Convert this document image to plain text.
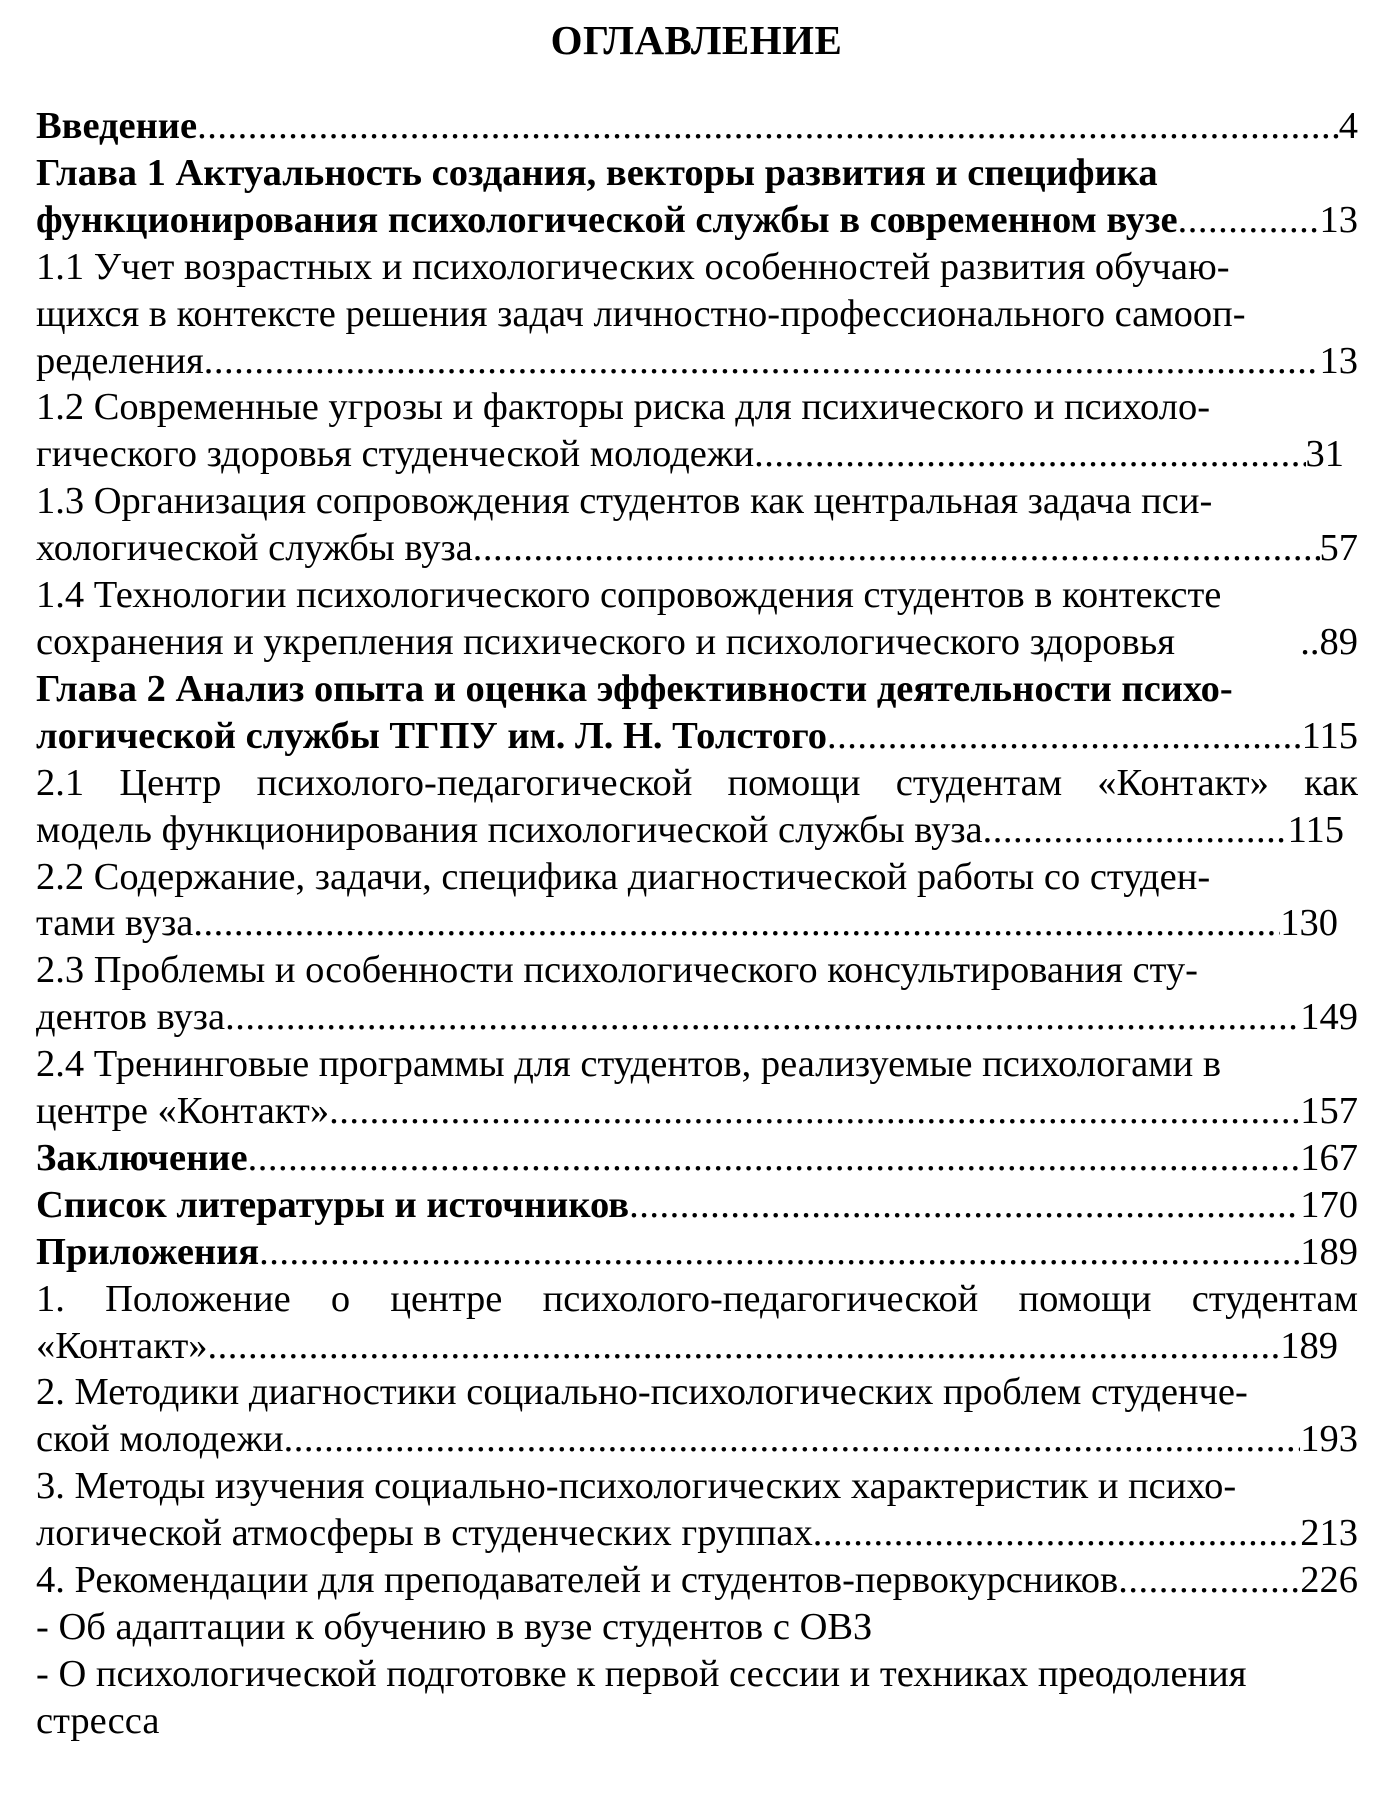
ОГЛАВЛЕНИЕ
Введение .....	4
Глава 1 Актуальность создания, векторы развития и специфика
функционирования психологической службы в современном вузе .....	13
1.1 Учет возрастных и психологических особенностей развития обучаю-
щихся в контексте решения задач личностно-профессионального самооп-
ределения .....	13
1.2 Современные угрозы и факторы риска для психического и психоло-
гического здоровья студенческой молодежи .....	31
1.3 Организация сопровождения студентов как центральная задача пси-
хологической службы вуза .....	57
1.4 Технологии психологического сопровождения студентов в контексте
сохранения и укрепления психического и психологического здоровья	..89
Глава 2 Анализ опыта и оценка эффективности деятельности психо-
логической службы ТГПУ им. Л. Н. Толстого .....	115
2.1 Центр психолого-педагогической помощи студентам «Контакт» как
модель функционирования психологической службы вуза .....	115
2.2 Содержание, задачи, специфика диагностической работы со студен-
тами вуза .....	130
2.3 Проблемы и особенности психологического консультирования сту-
дентов вуза .....	149
2.4 Тренинговые программы для студентов, реализуемые психологами в
центре «Контакт» .....	157
Заключение .....	167
Список литературы и источников .....	170
Приложения .....	189
1. Положение о центре психолого-педагогической помощи студентам
«Контакт» .....	189
2. Методики диагностики социально-психологических проблем студенче-
ской молодежи .....	193
3. Методы изучения социально-психологических характеристик и психо-
логической атмосферы в студенческих группах .....	213
4. Рекомендации для преподавателей и студентов-первокурсников .....	226
- Об адаптации к обучению в вузе студентов с ОВЗ
- О психологической подготовке к первой сессии и техниках преодоления стресса
